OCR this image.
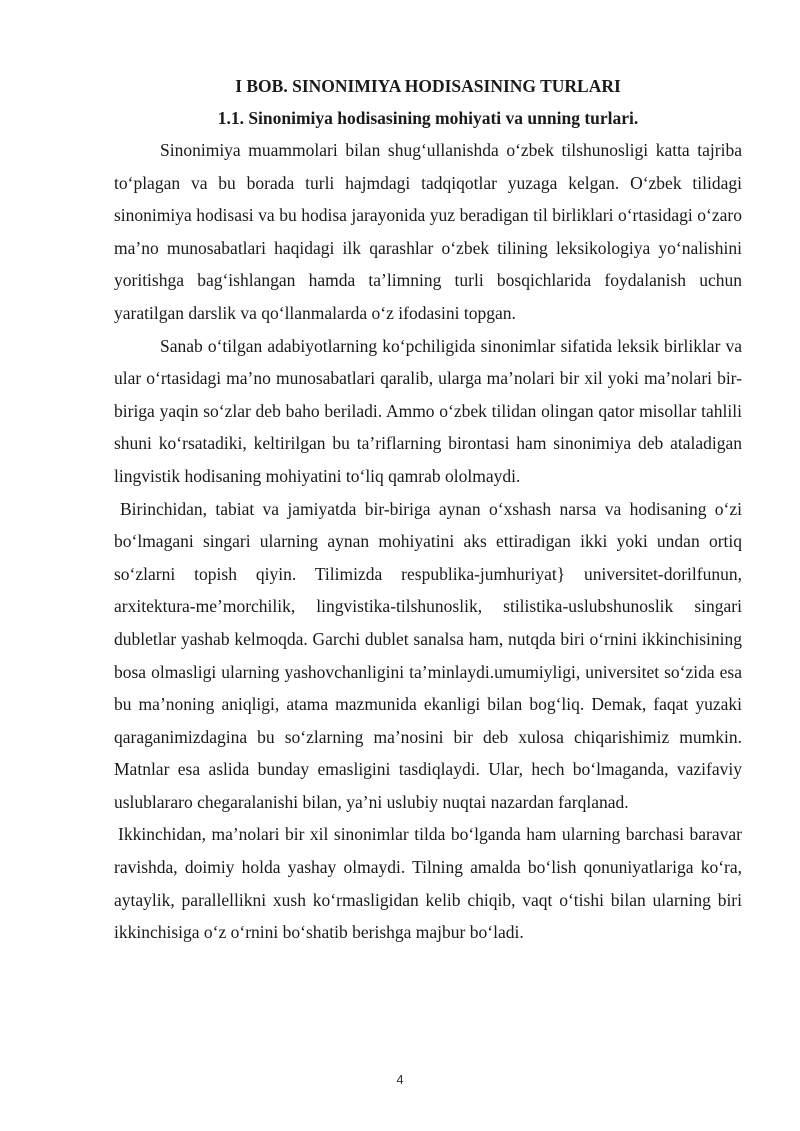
I BOB. SINONIMIYA HODISASINING TURLARI

1.1. Sinonimiya hodisasining mohiyati va unning turlari.

Sinonimiya muammolari bilan shug‘ullanishda o‘zbek tilshunosligi katta tajriba to‘plagan va bu borada turli hajmdagi tadqiqotlar yuzaga kelgan. O‘zbek tilidagi sinonimiya hodisasi va bu hodisa jarayonida yuz beradigan til birliklari o‘rtasidagi o‘zaro ma’no munosabatlari haqidagi ilk qarashlar o‘zbek tilining leksikologiya yo‘nalishini yoritishga bag‘ishlangan hamda ta’limning turli bosqichlarida foydalanish uchun yaratilgan darslik va qo‘llanmalarda o‘z ifodasini topgan.

Sanab o‘tilgan adabiyotlarning ko‘pchiligida sinonimlar sifatida leksik birliklar va ular o‘rtasidagi ma’no munosabatlari qaralib, ularga ma’nolari bir xil yoki ma’nolari bir-biriga yaqin so‘zlar deb baho beriladi. Ammo o‘zbek tilidan olingan qator misollar tahlili shuni ko‘rsatadiki, keltirilgan bu ta’riflarning birontasi ham sinonimiya deb ataladigan lingvistik hodisaning mohiyatini to‘liq qamrab ololmaydi.

Birinchidan, tabiat va jamiyatda bir-biriga aynan o‘xshash narsa va hodisaning o‘zi bo‘lmagani singari ularning aynan mohiyatini aks ettiradigan ikki yoki undan ortiq so‘zlarni topish qiyin. Tilimizda respublika-jumhuriyat} universitet-dorilfunun, arxitektura-me’morchilik, lingvistika-tilshunoslik, stilistika-uslubshunoslik singari dubletlar yashab kelmoqda. Garchi dublet sanalsa ham, nutqda biri o‘rnini ikkinchisining bosa olmasligi ularning yashovchanligini ta’minlaydi.umumiyligi, universitet so‘zida esa bu ma’noning aniqligi, atama mazmunida ekanligi bilan bog‘liq. Demak, faqat yuzaki qaraganimizdagina bu so‘zlarning ma’nosini bir deb xulosa chiqarishimiz mumkin. Matnlar esa aslida bunday emasligini tasdiqlaydi. Ular, hech bo‘lmaganda, vazifaviy uslublararo chegaralanishi bilan, ya’ni uslubiy nuqtai nazardan farqlanad.

Ikkinchidan, ma’nolari bir xil sinonimlar tilda bo‘lganda ham ularning barchasi baravar ravishda, doimiy holda yashay olmaydi. Tilning amalda bo‘lish qonuniyatlariga ko‘ra, aytaylik, parallellikni xush ko‘rmasligidan kelib chiqib, vaqt o‘tishi bilan ularning biri ikkinchisiga o‘z o‘rnini bo‘shatib berishga majbur bo‘ladi.

4
